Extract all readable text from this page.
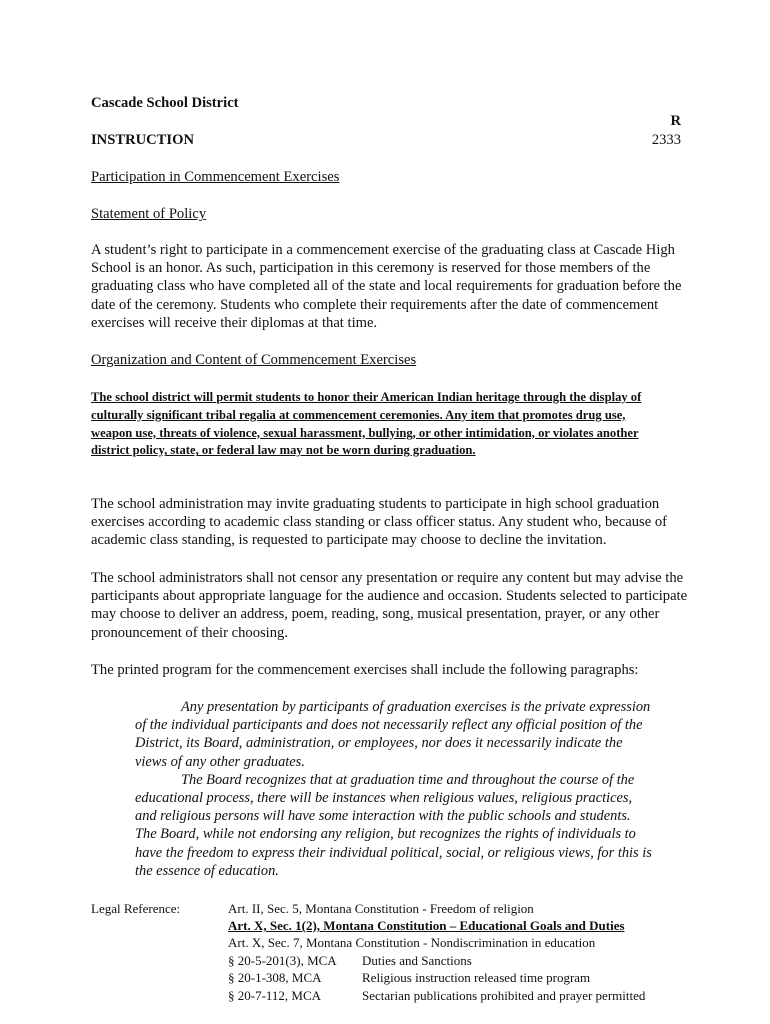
Cascade School District
R
INSTRUCTION	2333
Participation in Commencement Exercises
Statement of Policy
A student’s right to participate in a commencement exercise of the graduating class at Cascade High School is an honor. As such, participation in this ceremony is reserved for those members of the graduating class who have completed all of the state and local requirements for graduation before the date of the ceremony. Students who complete their requirements after the date of commencement exercises will receive their diplomas at that time.
Organization and Content of Commencement Exercises
The school district will permit students to honor their American Indian heritage through the display of culturally significant tribal regalia at commencement ceremonies. Any item that promotes drug use, weapon use, threats of violence, sexual harassment, bullying, or other intimidation, or violates another district policy, state, or federal law may not be worn during graduation.
The school administration may invite graduating students to participate in high school graduation exercises according to academic class standing or class officer status. Any student who, because of academic class standing, is requested to participate may choose to decline the invitation.
The school administrators shall not censor any presentation or require any content but may advise the participants about appropriate language for the audience and occasion. Students selected to participate may choose to deliver an address, poem, reading, song, musical presentation, prayer, or any other pronouncement of their choosing.
The printed program for the commencement exercises shall include the following paragraphs:

Any presentation by participants of graduation exercises is the private expression of the individual participants and does not necessarily reflect any official position of the District, its Board, administration, or employees, nor does it necessarily indicate the views of any other graduates.

The Board recognizes that at graduation time and throughout the course of the educational process, there will be instances when religious values, religious practices, and religious persons will have some interaction with the public schools and students. The Board, while not endorsing any religion, but recognizes the rights of individuals to have the freedom to express their individual political, social, or religious views, for this is the essence of education.

Legal Reference:	Art. II, Sec. 5, Montana Constitution - Freedom of religion
Art. X, Sec. 1(2), Montana Constitution – Educational Goals and Duties
Art. X, Sec. 7, Montana Constitution - Nondiscrimination in education
§ 20-5-201(3), MCA Duties and Sanctions
§ 20-1-308, MCA	Religious instruction released time program
§ 20-7-112, MCA	Sectarian publications prohibited and prayer permitted
